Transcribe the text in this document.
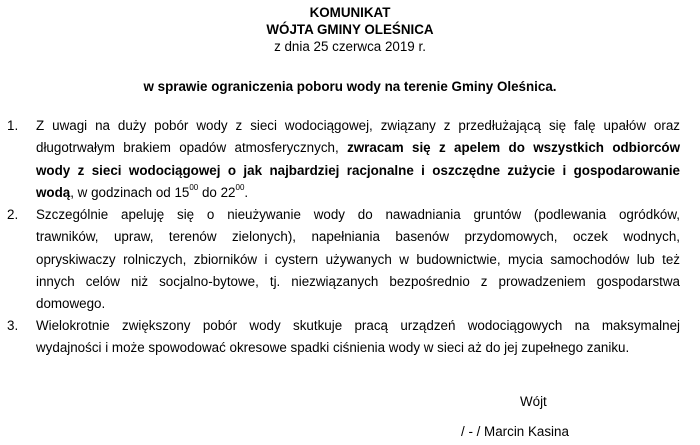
KOMUNIKAT
WÓJTA GMINY OLEŚNICA
z dnia 25 czerwca 2019 r.
w sprawie ograniczenia poboru wody na terenie Gminy Oleśnica.
1. Z uwagi na duży pobór wody z sieci wodociągowej, związany z przedłużającą się falę upałów oraz
długotrwałym brakiem opadów atmosferycznych, zwracam się z apelem do wszystkich odbiorców
wody z sieci wodociągowej o jak najbardziej racjonalne i oszczędne zużycie i gospodarowanie
wodą, w godzinach od $15^{00}$ do $22^{00}$.
2. Szczególnie apeluję się o nieużywanie wody do nawadniania gruntów (podlewania ogródków,
trawników, upraw, terenów zielonych), napełniania basenów przydomowych, oczek wodnych,
opryskiwaczy rolniczych, zbiorników i cystern używanych w budownictwie, mycia samochodów lub też
innych celów niż socjalno-bytowe, tj. niezwiązanych bezpośrednio z prowadzeniem gospodarstwa
domowego.
3. Wielokrotnie zwiększony pobór wody skutkuje pracą urządzeń wodociągowych na maksymalnej
wydajności i może spowodować okresowe spadki ciśnienia wody w sieci aż do jej zupełnego zaniku.
Wójt
/ - / Marcin Kasina
